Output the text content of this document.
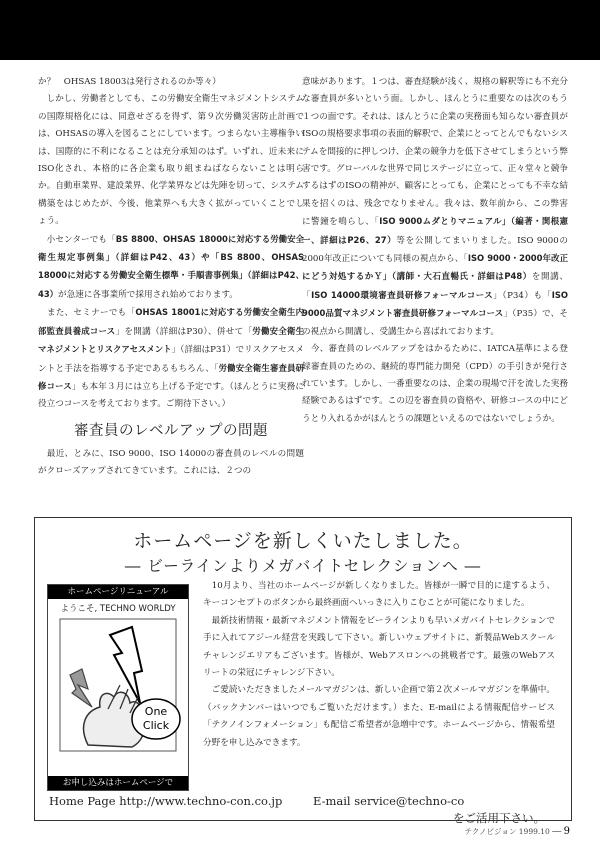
か？　OHSAS 18003は発行されるのか等々）

　しかし、労働者としても、この労働安全衛生マネジメントシステムの国際規格化には、同意せざるを得ず、第９次労働災害防止計画では、OHSASの導入を図ることにしています。つまらない主導権争いは、国際的に不利になることは充分承知のはず。いずれ、近未来にISO化され、本格的に各企業も取り組まねばならないことは明らか。自動車業界、建設業界、化学業界などは先陣を切って、システム構築をはじめたが、今後、他業界へも大きく拡がっていくことでしょう。

　小センターでも「BS 8800、OHSAS 18000に対応する労働安全衛生規定事例集」（詳細はP42、43）や「BS 8800、OHSAS 18000に対応する労働安全衛生標準・手順書事例集」（詳細はP42、43）が急速に各事業所で採用され始めております。

　また、セミナーでも「OHSAS 18001に対応する労働安全衛生内部監査員養成コース」を開講（詳細はP30）、併せて「労働安全衛生マネジメントとリスクアセスメント」（詳細はP31）でリスクアセスメントと手法を指導する予定であるもちろん、「労働安全衛生審査員研修コース」も本年３月には立ち上げる予定です。（ほんとうに実務に役立つコースを考えております。ご期待下さい。）

審査員のレベルアップの問題

　最近、とみに、ISO 9000、ISO 14000の審査員のレベルの問題がクローズアップされてきています。これには、２つの

意味があります。１つは、審査経験が浅く、規格の解釈等にも不充分な審査員が多いという面。しかし、ほんとうに重要なのは次のもう１つの面です。それは、ほんとうに企業の実務面も知らない審査員がISOの規格要求事項の表面的解釈で、企業にとってとんでもないシステムを間接的に押しつけ、企業の競争力を低下させてしまうという弊害です。グローバルな世界で同じステージに立って、正々堂々と競争するはずのISOの精神が、顧客にとっても、企業にとっても不幸な結果を招くのは、残念でなりません。我々は、数年前から、この弊害に警鐘を鳴らし、「ISO 9000ムダとりマニュアル」（編著・関根憲一、詳細はP26、27）等を公開してまいりました。ISO 9000の2000年改正についても同様の視点から、「ISO 9000・2000年改正にどう対処するかＹ」（講師・大石直暢氏・詳細はP48）を開講、「ISO 14000環境審査員研修フォーマルコース」（P34）も「ISO 9000品質マネジメント審査員研修フォーマルコース」（P35）で、その視点から開講し、受講生から喜ばれております。

　今、審査員のレベルアップをはかるために、IATCA基準による登録審査員のための、継続的専門能力開発（CPD）の手引きが発行されています。しかし、一番重要なのは、企業の現場で汗を流した実務経験であるはずです。この辺を審査員の資格や、研修コースの中にどうとり入れるかがほんとうの課題といえるのではないでしょうか。

ホームページを新しくいたしました。
― ビーラインよりメガバイトセレクションへ ―
ホームページリニューアル
ようこそ, TECHNO WORLDY
One
Click
お申し込みはホームページで

　10月より、当社のホームページが新しくなりました。皆様が一瞬で目的に達するよう、キーコンセプトのボタンから最終画面へいっきに入りこむことが可能になりました。

　最新技術情報・最新マネジメント情報をビーラインよりも早いメガバイトセレクションで手に入れてアジール経営を実践して下さい。新しいウェブサイトに、新製品Webスクールチャレンジエリアもございます。皆様が、Webアスロンへの挑戦者です。最強のWebアスリートの栄冠にチャレンジ下さい。

　ご愛読いただきましたメールマガジンは、新しい企画で第２次メールマガジンを準備中。（バックナンバーはいつでもご覧いただけます。）また、E-mailによる情報配信サービス「テクノインフォメーション」も配信ご希望者が急増中です。ホームページから、情報希望分野を申し込みできます。

Home Page http://www.techno-con.co.jp	E-mail service@techno-co
をご活用下さい。
テクノビジョン 1999.10 ── 9
